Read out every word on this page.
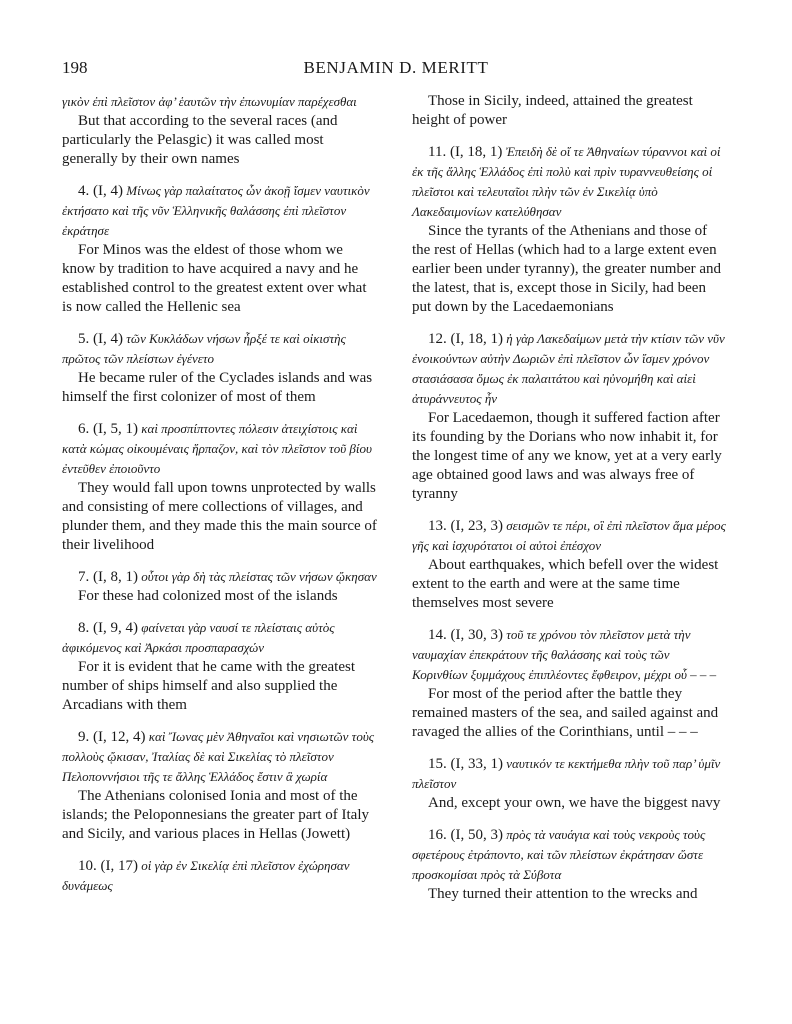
198	BENJAMIN D. MERITT

γικὸν ἐπὶ πλεῖστον ἀφ’ ἑαυτῶν τὴν ἐπωνυμίαν παρέχεσθαι

But that according to the several races (and particularly the Pelasgic) it was called most generally by their own names

4. (I, 4) Μίνως γὰρ παλαίτατος ὧν ἀκοῇ ἴσμεν ναυτικὸν ἐκτήσατο καὶ τῆς νῦν Ἑλληνικῆς θαλάσσης ἐπὶ πλεῖστον ἐκράτησε

For Minos was the eldest of those whom we know by tradition to have acquired a navy and he established control to the greatest extent over what is now called the Hellenic sea

5. (I, 4) τῶν Κυκλάδων νήσων ἦρξέ τε καὶ οἰκιστὴς πρῶτος τῶν πλείστων ἐγένετο

He became ruler of the Cyclades islands and was himself the first colonizer of most of them

6. (I, 5, 1) καὶ προσπίπτοντες πόλεσιν ἀτειχίστοις καὶ κατὰ κώμας οἰκουμέναις ἥρπαζον, καὶ τὸν πλεῖστον τοῦ βίου ἐντεῦθεν ἐποιοῦντο

They would fall upon towns unprotected by walls and consisting of mere collections of villages, and plunder them, and they made this the main source of their livelihood

7. (I, 8, 1) οὗτοι γὰρ δὴ τὰς πλείστας τῶν νήσων ᾤκησαν

For these had colonized most of the islands

8. (I, 9, 4) φαίνεται γὰρ ναυσί τε πλείσταις αὐτὸς ἀφικόμενος καὶ Ἀρκάσι προσπαρασχών

For it is evident that he came with the greatest number of ships himself and also supplied the Arcadians with them

9. (I, 12, 4) καὶ Ἴωνας μὲν Ἀθηναῖοι καὶ νησιωτῶν τοὺς πολλοὺς ᾤκισαν, Ἰταλίας δὲ καὶ Σικελίας τὸ πλεῖστον Πελοποννήσιοι τῆς τε ἄλλης Ἑλλάδος ἔστιν ἃ χωρία

The Athenians colonised Ionia and most of the islands; the Peloponnesians the greater part of Italy and Sicily, and various places in Hellas (Jowett)

10. (I, 17) οἱ γὰρ ἐν Σικελίᾳ ἐπὶ πλεῖστον ἐχώρησαν δυνάμεως

Those in Sicily, indeed, attained the greatest height of power

11. (I, 18, 1) Ἐπειδὴ δὲ οἵ τε Ἀθηναίων τύραννοι καὶ οἱ ἐκ τῆς ἄλλης Ἑλλάδος ἐπὶ πολὺ καὶ πρὶν τυραννευθείσης οἱ πλεῖστοι καὶ τελευταῖοι πλὴν τῶν ἐν Σικελίᾳ ὑπὸ Λακεδαιμονίων κατελύθησαν

Since the tyrants of the Athenians and those of the rest of Hellas (which had to a large extent even earlier been under tyranny), the greater number and the latest, that is, except those in Sicily, had been put down by the Lacedaemonians

12. (I, 18, 1) ἡ γὰρ Λακεδαίμων μετὰ τὴν κτίσιν τῶν νῦν ἐνοικούντων αὐτὴν Δωριῶν ἐπὶ πλεῖστον ὧν ἴσμεν χρόνον στασιάσασα ὅμως ἐκ παλαιτάτου καὶ ηὐνομήθη καὶ αἰεὶ ἀτυράννευτος ἦν

For Lacedaemon, though it suffered faction after its founding by the Dorians who now inhabit it, for the longest time of any we know, yet at a very early age obtained good laws and was always free of tyranny

13. (I, 23, 3) σεισμῶν τε πέρι, οἳ ἐπὶ πλεῖστον ἅμα μέρος γῆς καὶ ἰσχυρότατοι οἱ αὐτοὶ ἐπέσχον

About earthquakes, which befell over the widest extent to the earth and were at the same time themselves most severe

14. (I, 30, 3) τοῦ τε χρόνου τὸν πλεῖστον μετὰ τὴν ναυμαχίαν ἐπεκράτουν τῆς θαλάσσης καὶ τοὺς τῶν Κορινθίων ξυμμάχους ἐπιπλέοντες ἔφθειρον, μέχρι οὗ – – –

For most of the period after the battle they remained masters of the sea, and sailed against and ravaged the allies of the Corinthians, until – – –

15. (I, 33, 1) ναυτικόν τε κεκτήμεθα πλὴν τοῦ παρ’ ὑμῖν πλεῖστον

And, except your own, we have the biggest navy

16. (I, 50, 3) πρὸς τὰ ναυάγια καὶ τοὺς νεκροὺς τοὺς σφετέρους ἐτράποντο, καὶ τῶν πλείστων ἐκράτησαν ὥστε προσκομίσαι πρὸς τὰ Σύβοτα

They turned their attention to the wrecks and
